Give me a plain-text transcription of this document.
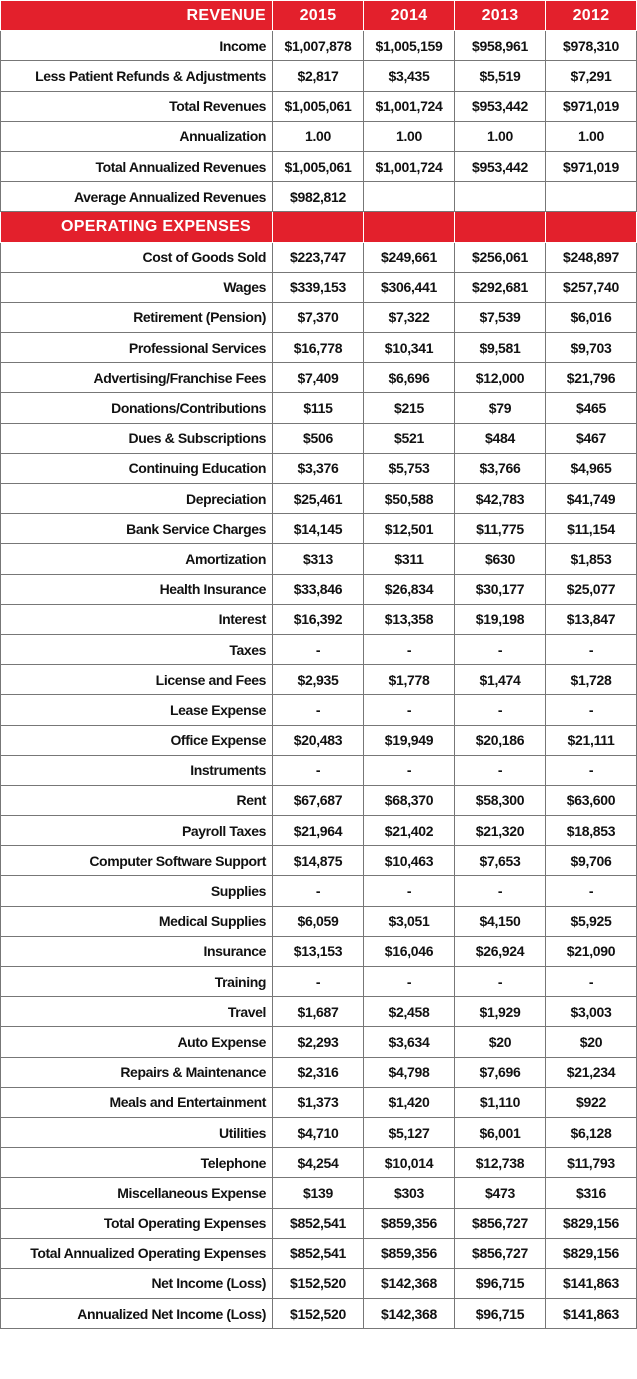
REVENUE	2015	2014	2013	2012
Income	$1,007,878	$1,005,159	$958,961	$978,310
Less Patient Refunds & Adjustments	$2,817	$3,435	$5,519	$7,291
Total Revenues	$1,005,061	$1,001,724	$953,442	$971,019
Annualization	1.00	1.00	1.00	1.00
Total Annualized Revenues	$1,005,061	$1,001,724	$953,442	$971,019
Average Annualized Revenues	$982,812			
OPERATING EXPENSES				
Cost of Goods Sold	$223,747	$249,661	$256,061	$248,897
Wages	$339,153	$306,441	$292,681	$257,740
Retirement (Pension)	$7,370	$7,322	$7,539	$6,016
Professional Services	$16,778	$10,341	$9,581	$9,703
Advertising/Franchise Fees	$7,409	$6,696	$12,000	$21,796
Donations/Contributions	$115	$215	$79	$465
Dues & Subscriptions	$506	$521	$484	$467
Continuing Education	$3,376	$5,753	$3,766	$4,965
Depreciation	$25,461	$50,588	$42,783	$41,749
Bank Service Charges	$14,145	$12,501	$11,775	$11,154
Amortization	$313	$311	$630	$1,853
Health Insurance	$33,846	$26,834	$30,177	$25,077
Interest	$16,392	$13,358	$19,198	$13,847
Taxes	-	-	-	-
License and Fees	$2,935	$1,778	$1,474	$1,728
Lease Expense	-	-	-	-
Office Expense	$20,483	$19,949	$20,186	$21,111
Instruments	-	-	-	-
Rent	$67,687	$68,370	$58,300	$63,600
Payroll Taxes	$21,964	$21,402	$21,320	$18,853
Computer Software Support	$14,875	$10,463	$7,653	$9,706
Supplies	-	-	-	-
Medical Supplies	$6,059	$3,051	$4,150	$5,925
Insurance	$13,153	$16,046	$26,924	$21,090
Training	-	-	-	-
Travel	$1,687	$2,458	$1,929	$3,003
Auto Expense	$2,293	$3,634	$20	$20
Repairs & Maintenance	$2,316	$4,798	$7,696	$21,234
Meals and Entertainment	$1,373	$1,420	$1,110	$922
Utilities	$4,710	$5,127	$6,001	$6,128
Telephone	$4,254	$10,014	$12,738	$11,793
Miscellaneous Expense	$139	$303	$473	$316
Total Operating Expenses	$852,541	$859,356	$856,727	$829,156
Total Annualized Operating Expenses	$852,541	$859,356	$856,727	$829,156
Net Income (Loss)	$152,520	$142,368	$96,715	$141,863
Annualized Net Income (Loss)	$152,520	$142,368	$96,715	$141,863
